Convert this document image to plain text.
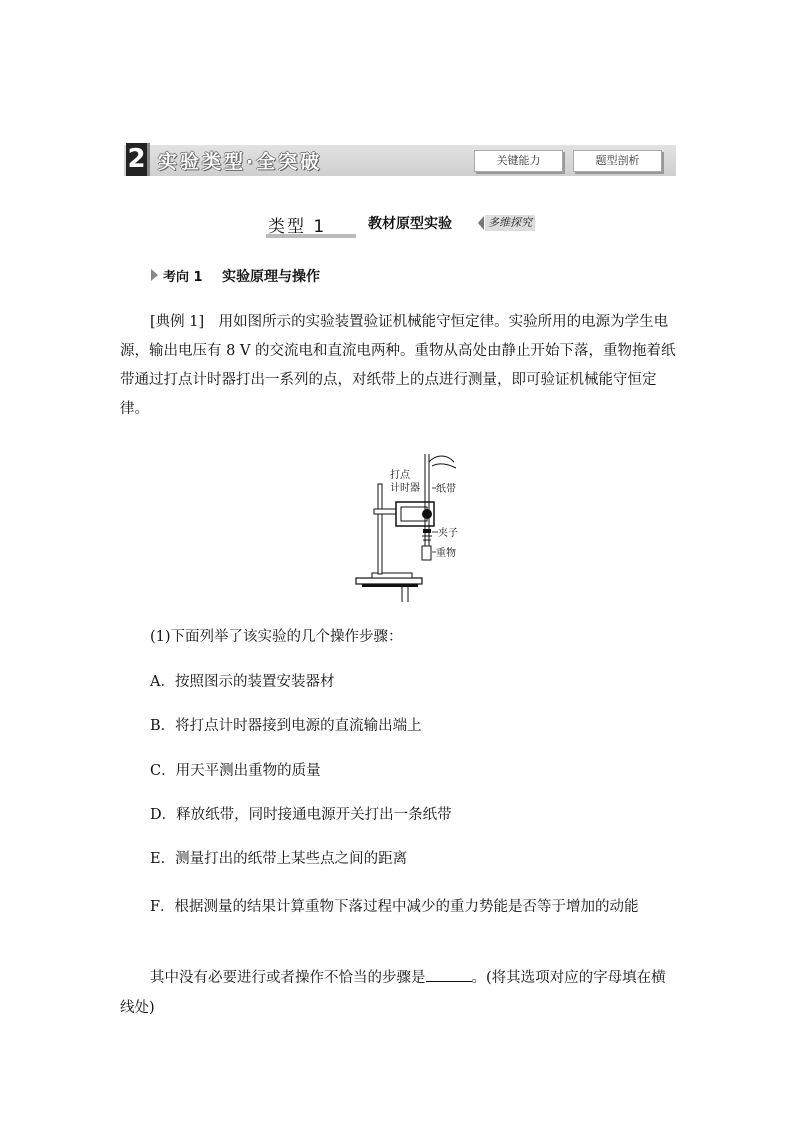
2 实验类型·全突破	关键能力	题型剖析
类型 1	教材原型实验	多维探究
考向 1 实验原理与操作
[典例 1]　 用如图所示的实验装置验证机械能守恒定律。实验所用的电源为学生电源，输出电压有 8 V 的交流电和直流电两种。重物从高处由静止开始下落，重物拖着纸带通过打点计时器打出一系列的点，对纸带上的点进行测量，即可验证机械能守恒定律。
打点
计时器 纸带
夹子
重物
(1)下面列举了该实验的几个操作步骤：
A．按照图示的装置安装器材
B．将打点计时器接到电源的直流输出端上
C．用天平测出重物的质量
D．释放纸带，同时接通电源开关打出一条纸带
E．测量打出的纸带上某些点之间的距离
F．根据测量的结果计算重物下落过程中减少的重力势能是否等于增加的动能
其中没有必要进行或者操作不恰当的步骤是	。(将其选项对应的字母填在横线处)
